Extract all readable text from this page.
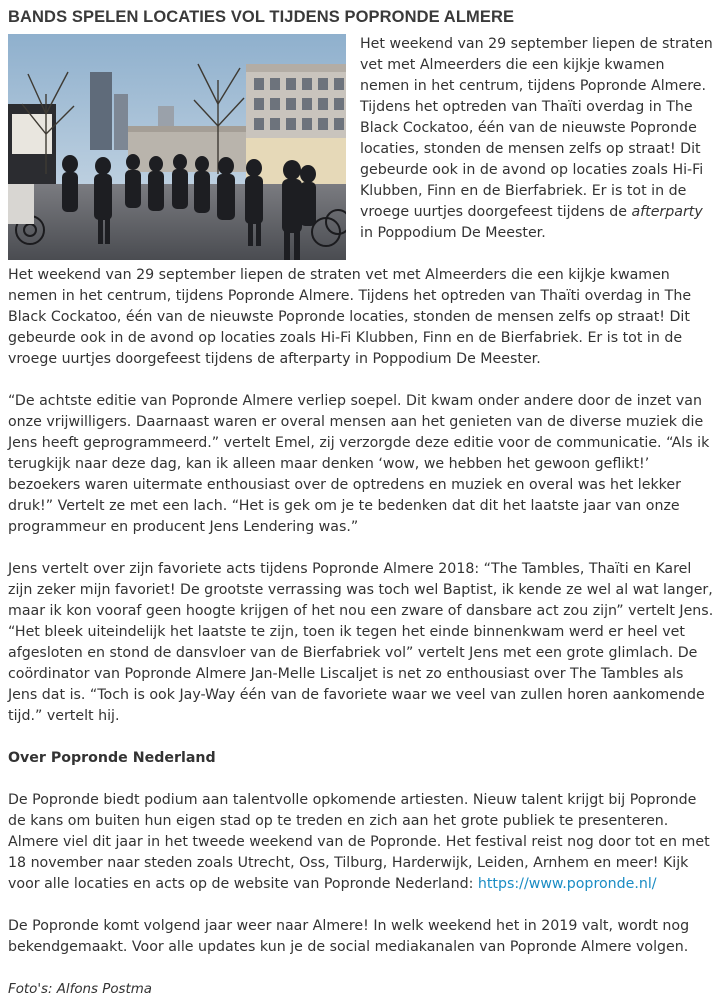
BANDS SPELEN LOCATIES VOL TIJDENS POPRONDE ALMERE

Het weekend van 29 september liepen de straten vet met Almeerders die een kijkje kwamen nemen in het centrum, tijdens Popronde Almere. Tijdens het optreden van Thaïti overdag in The Black Cockatoo, één van de nieuwste Popronde locaties, stonden de mensen zelfs op straat! Dit gebeurde ook in de avond op locaties zoals Hi-Fi Klubben, Finn en de Bierfabriek. Er is tot in de vroege uurtjes doorgefeest tijdens de afterparty in Poppodium De Meester.

Het weekend van 29 september liepen de straten vet met Almeerders die een kijkje kwamen nemen in het centrum, tijdens Popronde Almere. Tijdens het optreden van Thaïti overdag in The Black Cockatoo, één van de nieuwste Popronde locaties, stonden de mensen zelfs op straat! Dit gebeurde ook in de avond op locaties zoals Hi-Fi Klubben, Finn en de Bierfabriek. Er is tot in de vroege uurtjes doorgefeest tijdens de afterparty in Poppodium De Meester.

“De achtste editie van Popronde Almere verliep soepel. Dit kwam onder andere door de inzet van onze vrijwilligers. Daarnaast waren er overal mensen aan het genieten van de diverse muziek die Jens heeft geprogrammeerd.” vertelt Emel, zij verzorgde deze editie voor de communicatie. “Als ik terugkijk naar deze dag, kan ik alleen maar denken ‘wow, we hebben het gewoon geflikt!’ bezoekers waren uitermate enthousiast over de optredens en muziek en overal was het lekker druk!” Vertelt ze met een lach. “Het is gek om je te bedenken dat dit het laatste jaar van onze programmeur en producent Jens Lendering was.”

Jens vertelt over zijn favoriete acts tijdens Popronde Almere 2018: “The Tambles, Thaïti en Karel zijn zeker mijn favoriet! De grootste verrassing was toch wel Baptist, ik kende ze wel al wat langer, maar ik kon vooraf geen hoogte krijgen of het nou een zware of dansbare act zou zijn” vertelt Jens. “Het bleek uiteindelijk het laatste te zijn, toen ik tegen het einde binnenkwam werd er heel vet afgesloten en stond de dansvloer van de Bierfabriek vol” vertelt Jens met een grote glimlach. De coördinator van Popronde Almere Jan-Melle Liscaljet is net zo enthousiast over The Tambles als Jens dat is. “Toch is ook Jay-Way één van de favoriete waar we veel van zullen horen aankomende tijd.” vertelt hij.

Over Popronde Nederland

De Popronde biedt podium aan talentvolle opkomende artiesten. Nieuw talent krijgt bij Popronde de kans om buiten hun eigen stad op te treden en zich aan het grote publiek te presenteren. Almere viel dit jaar in het tweede weekend van de Popronde. Het festival reist nog door tot en met 18 november naar steden zoals Utrecht, Oss, Tilburg, Harderwijk, Leiden, Arnhem en meer! Kijk voor alle locaties en acts op de website van Popronde Nederland: https://www.popronde.nl/

De Popronde komt volgend jaar weer naar Almere! In welk weekend het in 2019 valt, wordt nog bekendgemaakt. Voor alle updates kun je de social mediakanalen van Popronde Almere volgen.

Foto's: Alfons Postma
